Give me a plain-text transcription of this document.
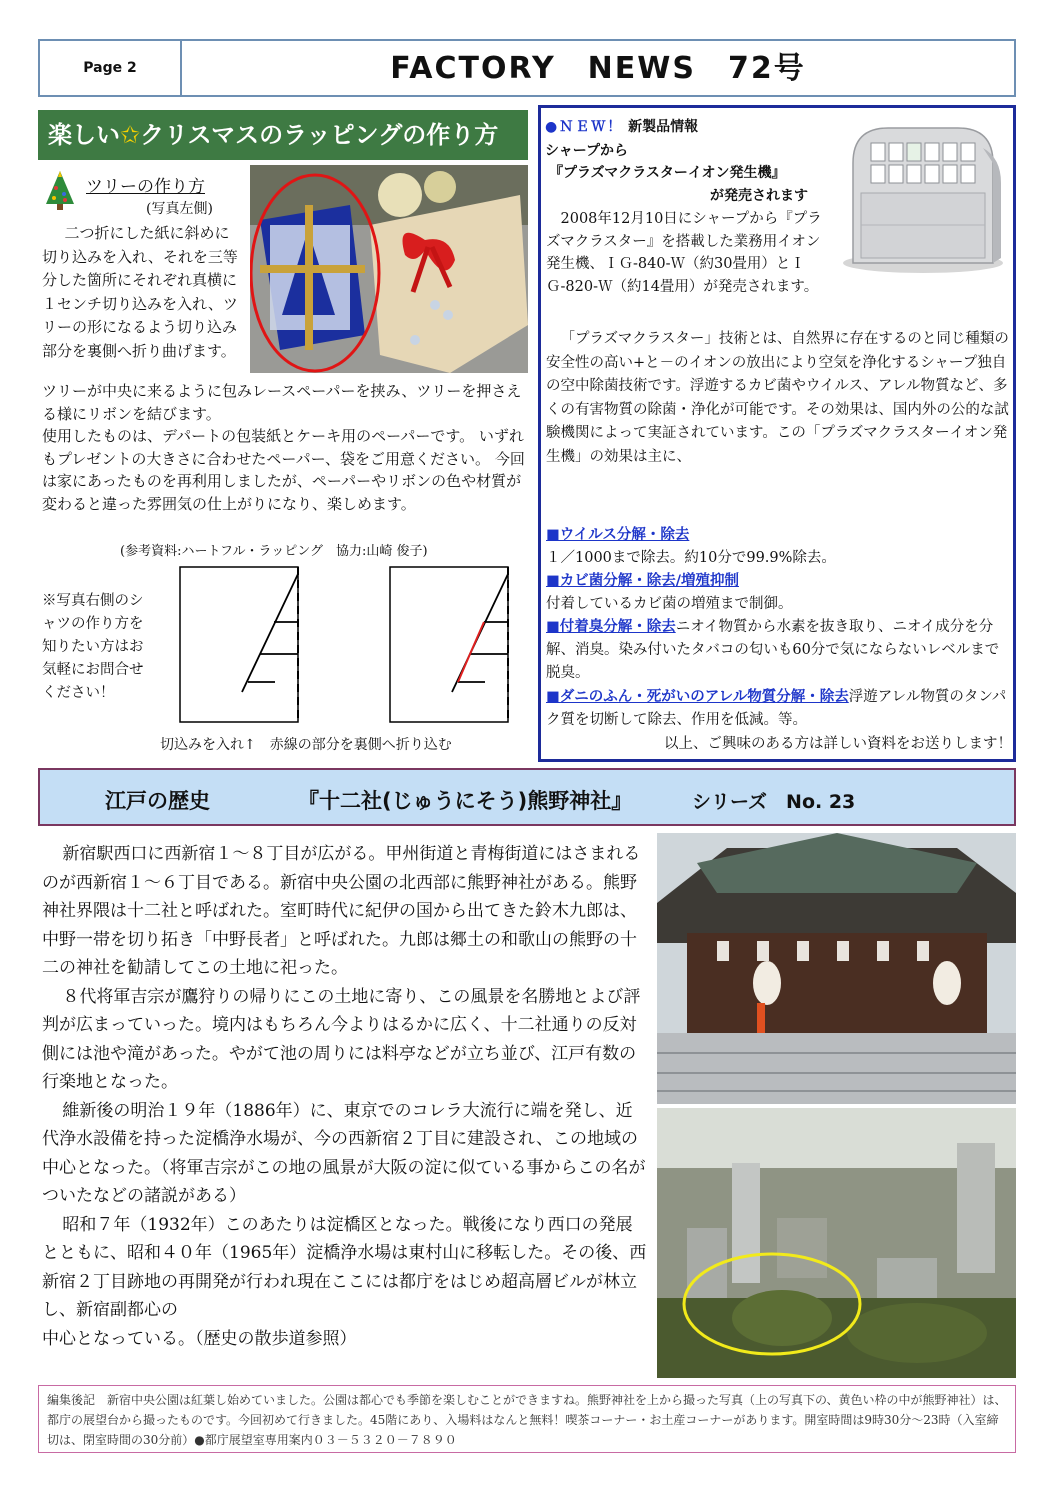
Page 2	FACTORY　NEWS　72号
楽しい✩クリスマスのラッピングの作り方
ツリーの作り方
(写真左側)
二つ折にした紙に斜めに切り込みを入れ、それを三等分した箇所にそれぞれ真横に１センチ切り込みを入れ、ツリーの形になるよう切り込み部分を裏側へ折り曲げます。
ツリーが中央に来るように包みレースペーパーを挟み、ツリーを押さえる様にリボンを結びます。
使用したものは、デパートの包装紙とケーキ用のペーパーです。 いずれもプレゼントの大きさに合わせたペーパー、袋をご用意ください。 今回は家にあったものを再利用しましたが、ペーパーやリボンの色や材質が変わると違った雰囲気の仕上がりになり、楽しめます。
(参考資料:ハートフル・ラッピング　協力:山崎 俊子)
※写真右側のシャツの作り方を知りたい方はお気軽にお問合せください！
切込みを入れ↑　赤線の部分を裏側へ折り込む
●ＮＥＷ！ 新製品情報
シャープから
『プラズマクラスターイオン発生機』
が発売されます
2008年12月10日にシャープから『プラズマクラスター』を搭載した業務用イオン発生機、ＩＧ-840-Ｗ（約30畳用）とＩＧ-820-Ｗ（約14畳用）が発売されます。
「プラズマクラスター」技術とは、自然界に存在するのと同じ種類の安全性の高い+と－のイオンの放出により空気を浄化するシャープ独自の空中除菌技術です。浮遊するカビ菌やウイルス、アレル物質など、多くの有害物質の除菌・浄化が可能です。その効果は、国内外の公的な試験機関によって実証されています。この「プラズマクラスターイオン発生機」の効果は主に、
■ウイルス分解・除去
１／1000まで除去。約10分で99.9%除去。
■カビ菌分解・除去/増殖抑制
付着しているカビ菌の増殖まで制御。
■付着臭分解・除去ニオイ物質から水素を抜き取り、ニオイ成分を分解、消臭。染み付いたタバコの匂いも60分で気にならないレベルまで脱臭。
■ダニのふん・死がいのアレル物質分解・除去浮遊アレル物質のタンパク質を切断して除去、作用を低減。等。
以上、ご興味のある方は詳しい資料をお送りします！
江戸の歴史	『十二社(じゅうにそう)熊野神社』	シリーズ　No. 23

新宿駅西口に西新宿１～８丁目が広がる。甲州街道と青梅街道にはさまれるのが西新宿１～６丁目である。新宿中央公園の北西部に熊野神社がある。熊野神社界隈は十二社と呼ばれた。室町時代に紀伊の国から出てきた鈴木九郎は、中野一帯を切り拓き「中野長者」と呼ばれた。九郎は郷土の和歌山の熊野の十二の神社を勧請してこの土地に祀った。

８代将軍吉宗が鷹狩りの帰りにこの土地に寄り、この風景を名勝地とよび評判が広まっていった。境内はもちろん今よりはるかに広く、十二社通りの反対側には池や滝があった。やがて池の周りには料亭などが立ち並び、江戸有数の行楽地となった。

維新後の明治１９年（1886年）に、東京でのコレラ大流行に端を発し、近代浄水設備を持った淀橋浄水場が、今の西新宿２丁目に建設され、この地域の中心となった。（将軍吉宗がこの地の風景が大阪の淀に似ている事からこの名がついたなどの諸説がある）

昭和７年（1932年）このあたりは淀橋区となった。戦後になり西口の発展とともに、昭和４０年（1965年）淀橋浄水場は東村山に移転した。その後、西新宿２丁目跡地の再開発が行われ現在ここには都庁をはじめ超高層ビルが林立し、新宿副都心の

中心となっている。（歴史の散歩道参照）

編集後記　新宿中央公園は紅葉し始めていました。公園は都心でも季節を楽しむことができますね。熊野神社を上から撮った写真（上の写真下の、黄色い枠の中が熊野神社）は、都庁の展望台から撮ったものです。今回初めて行きました。45階にあり、入場料はなんと無料！喫茶コーナー・お土産コーナーがあります。開室時間は9時30分～23時（入室締切は、閉室時間の30分前）●都庁展望室専用案内０３－５３２０－７８９０
